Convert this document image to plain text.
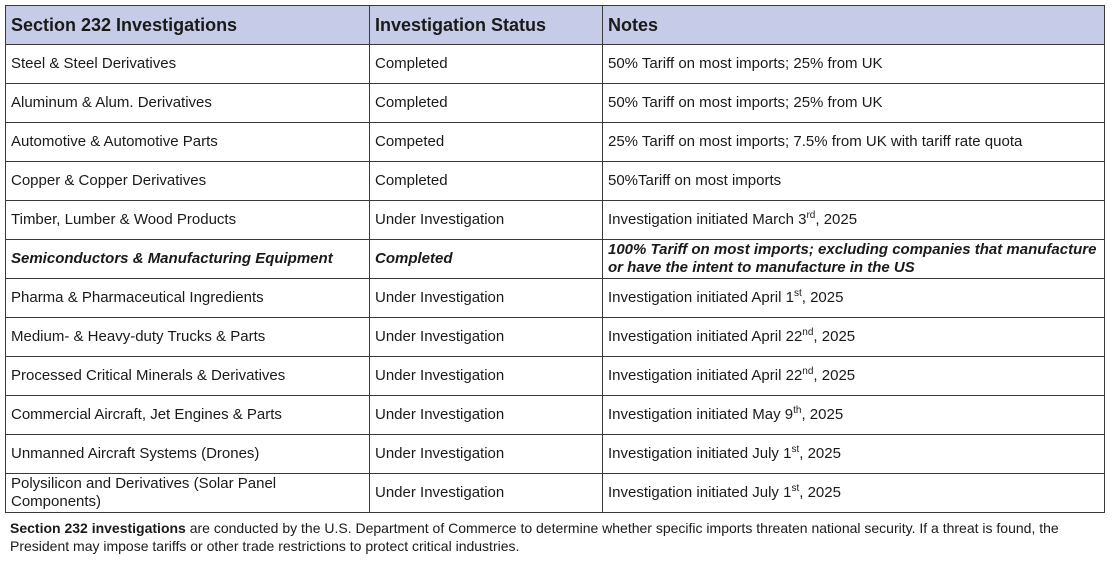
Section 232 Investigations	Investigation Status	Notes
Steel & Steel Derivatives	Completed	50% Tariff on most imports; 25% from UK
Aluminum & Alum. Derivatives	Completed	50% Tariff on most imports; 25% from UK
Automotive & Automotive Parts	Competed	25% Tariff on most imports; 7.5% from UK with tariff rate quota
Copper & Copper Derivatives	Completed	50%Tariff on most imports
Timber, Lumber & Wood Products	Under Investigation	Investigation initiated March 3rd, 2025
Semiconductors & Manufacturing Equipment	Completed	100% Tariff on most imports; excluding companies that manufacture or have the intent to manufacture in the US
Pharma & Pharmaceutical Ingredients	Under Investigation	Investigation initiated April 1st, 2025
Medium- & Heavy-duty Trucks & Parts	Under Investigation	Investigation initiated April 22nd, 2025
Processed Critical Minerals & Derivatives	Under Investigation	Investigation initiated April 22nd, 2025
Commercial Aircraft, Jet Engines & Parts	Under Investigation	Investigation initiated May 9th, 2025
Unmanned Aircraft Systems (Drones)	Under Investigation	Investigation initiated July 1st, 2025
Polysilicon and Derivatives (Solar Panel Components)	Under Investigation	Investigation initiated July 1st, 2025
Section 232 investigations are conducted by the U.S. Department of Commerce to determine whether specific imports threaten national security. If a threat is found, the President may impose tariffs or other trade restrictions to protect critical industries.
